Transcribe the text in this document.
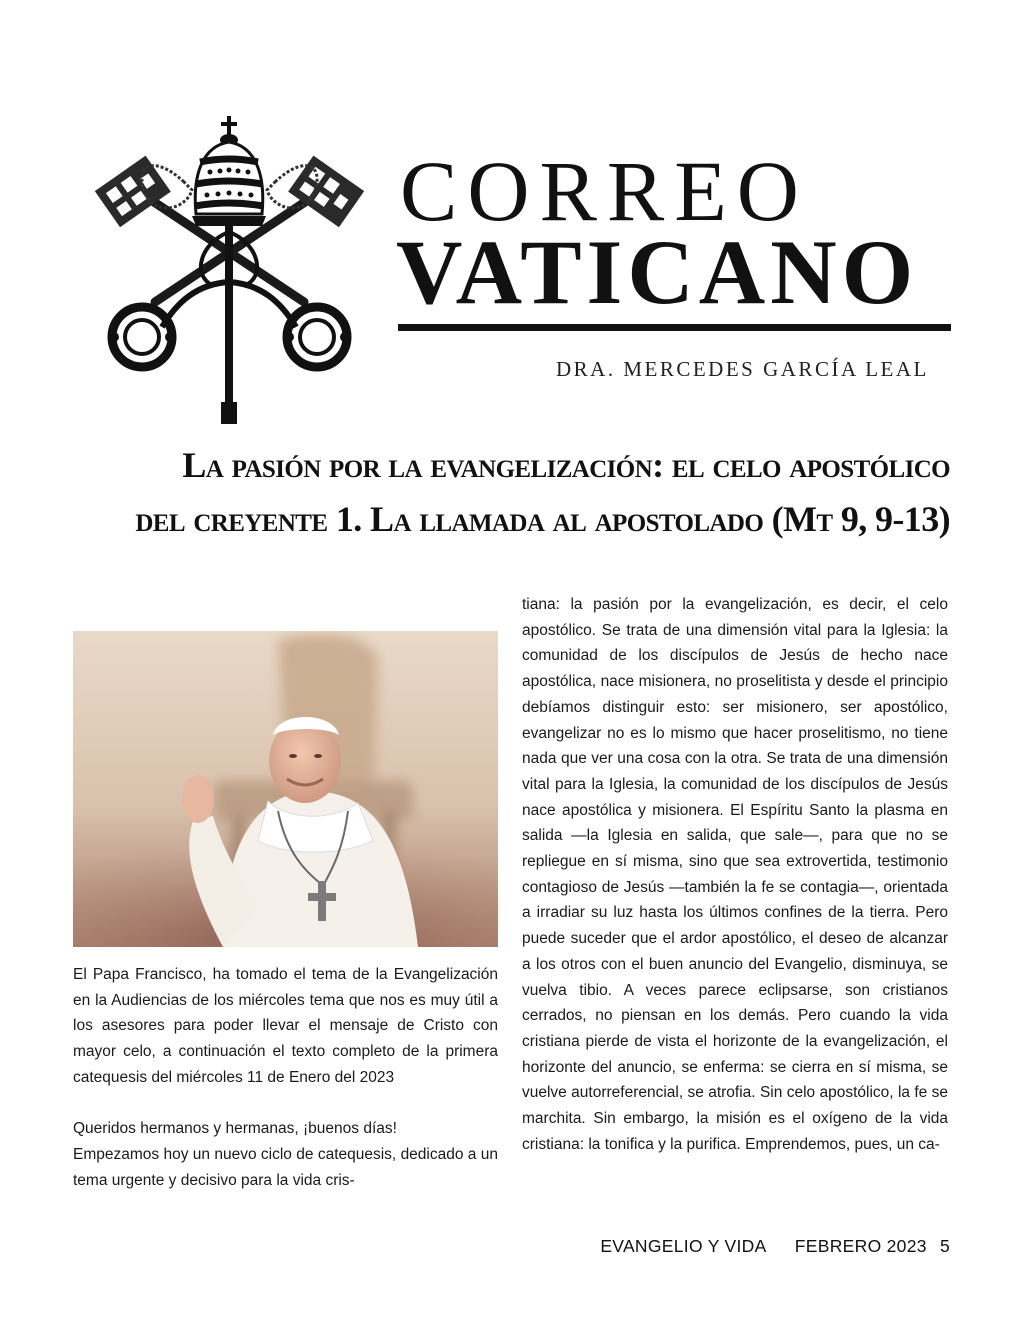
CORREO
VATICANO
DRA. MERCEDES GARCÍA LEAL
La pasión por la evangelización: el celo apostólico
del creyente 1. La llamada al apostolado (Mt 9, 9-13)

El Papa Francisco, ha tomado el tema de la Evangelización en la Audiencias de los miércoles tema que nos es muy útil a los asesores para poder llevar el mensaje de Cristo con mayor celo, a continuación el texto completo de la primera catequesis del miércoles 11 de Enero del 2023

Queridos hermanos y hermanas, ¡buenos días!

Empezamos hoy un nuevo ciclo de catequesis, dedicado a un tema urgente y decisivo para la vida cris-

tiana: la pasión por la evangelización, es decir, el celo apostólico. Se trata de una dimensión vital para la Iglesia: la comunidad de los discípulos de Jesús de hecho nace apostólica, nace misionera, no proselitista y desde el principio debíamos distinguir esto: ser misionero, ser apostólico, evangelizar no es lo mismo que hacer proselitismo, no tiene nada que ver una cosa con la otra. Se trata de una dimensión vital para la Iglesia, la comunidad de los discípulos de Jesús nace apostólica y misionera. El Espíritu Santo la plasma en salida —la Iglesia en salida, que sale—, para que no se repliegue en sí misma, sino que sea extrovertida, testimonio contagioso de Jesús —también la fe se contagia—, orientada a irradiar su luz hasta los últimos confines de la tierra. Pero puede suceder que el ardor apostólico, el deseo de alcanzar a los otros con el buen anuncio del Evangelio, disminuya, se vuelva tibio. A veces parece eclipsarse, son cristianos cerrados, no piensan en los demás. Pero cuando la vida cristiana pierde de vista el horizonte de la evangelización, el horizonte del anuncio, se enferma: se cierra en sí misma, se vuelve autorreferencial, se atrofia. Sin celo apostólico, la fe se marchita. Sin embargo, la misión es el oxígeno de la vida cristiana: la tonifica y la purifica. Emprendemos, pues, un ca-

EVANGELIO Y VIDA FEBRERO 2023 5
